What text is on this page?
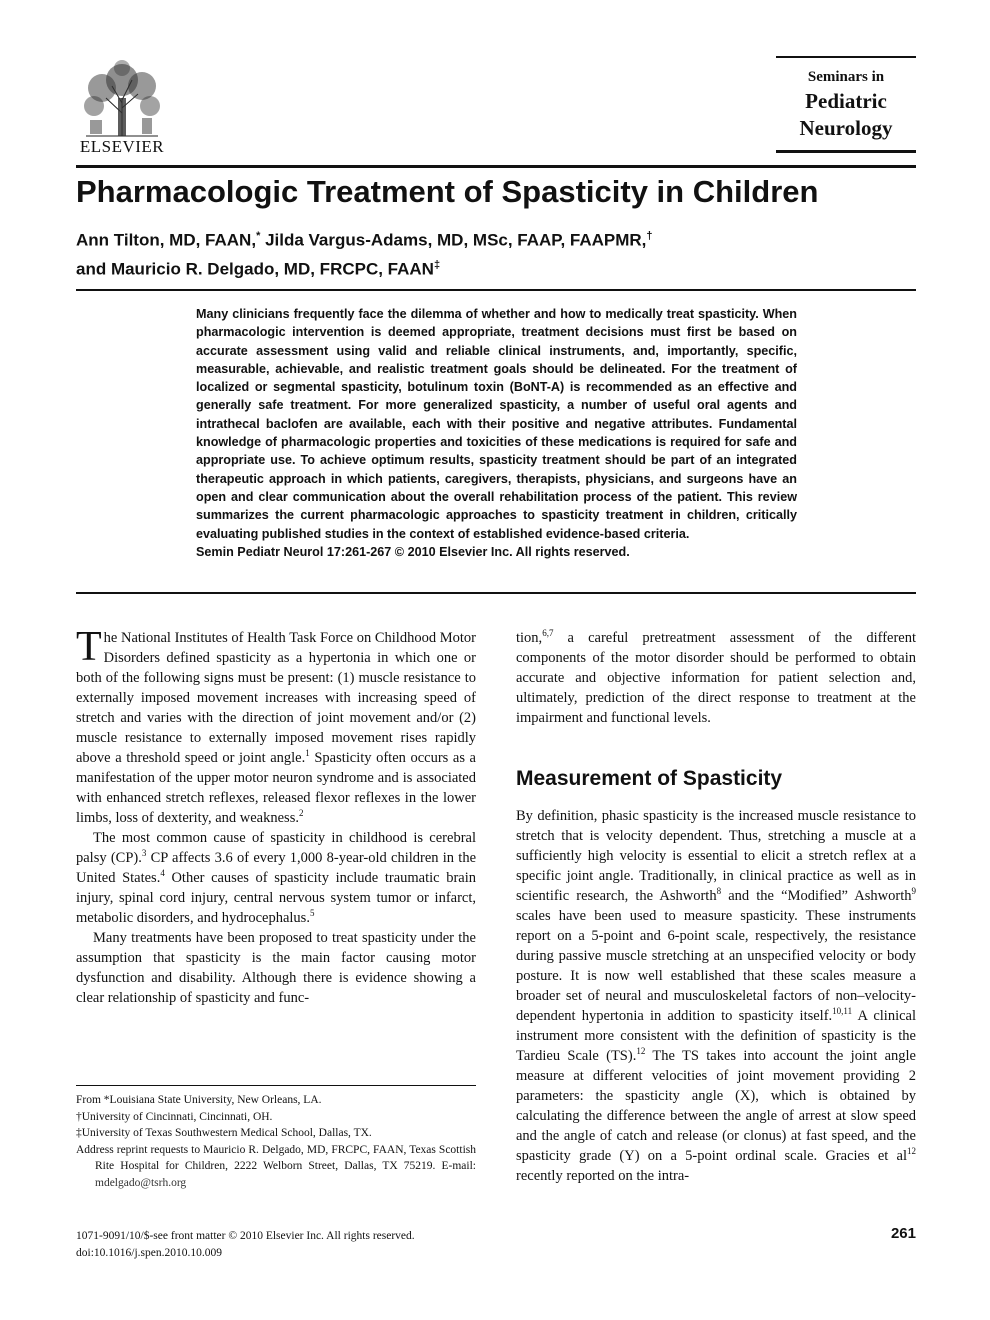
ELSEVIER
Seminars in
Pediatric
Neurology
Pharmacologic Treatment of Spasticity in Children
Ann Tilton, MD, FAAN,* Jilda Vargus-Adams, MD, MSc, FAAP, FAAPMR,†
and Mauricio R. Delgado, MD, FRCPC, FAAN‡
Many clinicians frequently face the dilemma of whether and how to medically treat spasticity. When pharmacologic intervention is deemed appropriate, treatment decisions must first be based on accurate assessment using valid and reliable clinical instruments, and, importantly, specific, measurable, achievable, and realistic treatment goals should be delineated. For the treatment of localized or segmental spasticity, botulinum toxin (BoNT-A) is recommended as an effective and generally safe treatment. For more generalized spasticity, a number of useful oral agents and intrathecal baclofen are available, each with their positive and negative attributes. Fundamental knowledge of pharmacologic properties and toxicities of these medications is required for safe and appropriate use. To achieve optimum results, spasticity treatment should be part of an integrated therapeutic approach in which patients, caregivers, therapists, physicians, and surgeons have an open and clear communication about the overall rehabilitation process of the patient. This review summarizes the current pharmacologic approaches to spasticity treatment in children, critically evaluating published studies in the context of established evidence-based criteria.
Semin Pediatr Neurol 17:261-267 © 2010 Elsevier Inc. All rights reserved.

The National Institutes of Health Task Force on Childhood Motor Disorders defined spasticity as a hypertonia in which one or both of the following signs must be present: (1) muscle resistance to externally imposed movement increases with increasing speed of stretch and varies with the direction of joint movement and/or (2) muscle resistance to externally imposed movement rises rapidly above a threshold speed or joint angle.$^1$ Spasticity often occurs as a manifestation of the upper motor neuron syndrome and is associated with enhanced stretch reflexes, released flexor reflexes in the lower limbs, loss of dexterity, and weakness.$^2$

The most common cause of spasticity in childhood is cerebral palsy (CP).$^3$ CP affects 3.6 of every 1,000 8-year-old children in the United States.$^4$ Other causes of spasticity include traumatic brain injury, spinal cord injury, central nervous system tumor or infarct, metabolic disorders, and hydrocephalus.$^5$

Many treatments have been proposed to treat spasticity under the assumption that spasticity is the main factor causing motor dysfunction and disability. Although there is evidence showing a clear relationship of spasticity and func-

tion,$^{6,7}$ a careful pretreatment assessment of the different components of the motor disorder should be performed to obtain accurate and objective information for patient selection and, ultimately, prediction of the direct response to treatment at the impairment and functional levels.

Measurement of Spasticity

By definition, phasic spasticity is the increased muscle resistance to stretch that is velocity dependent. Thus, stretching a muscle at a sufficiently high velocity is essential to elicit a stretch reflex at a specific joint angle. Traditionally, in clinical practice as well as in scientific research, the Ashworth$^8$ and the “Modified” Ashworth$^9$ scales have been used to measure spasticity. These instruments report on a 5-point and 6-point scale, respectively, the resistance during passive muscle stretching at an unspecified velocity or body posture. It is now well established that these scales measure a broader set of neural and musculoskeletal factors of non–velocity-dependent hypertonia in addition to spasticity itself.$^{10,11}$ A clinical instrument more consistent with the definition of spasticity is the Tardieu Scale (TS).$^{12}$ The TS takes into account the joint angle measure at different velocities of joint movement providing 2 parameters: the spasticity angle (X), which is obtained by calculating the difference between the angle of arrest at slow speed and the angle of catch and release (or clonus) at fast speed, and the spasticity grade (Y) on a 5-point ordinal scale. Gracies et $al^{12}$ recently reported on the intra-

From *Louisiana State University, New Orleans, LA.
†University of Cincinnati, Cincinnati, OH.
‡University of Texas Southwestern Medical School, Dallas, TX.
Address reprint requests to Mauricio R. Delgado, MD, FRCPC, FAAN, Texas Scottish Rite Hospital for Children, 2222 Welborn Street, Dallas, TX 75219. E-mail: mdelgado@tsrh.org
1071-9091/10/$-see front matter © 2010 Elsevier Inc. All rights reserved.
doi:10.1016/j.spen.2010.10.009
261
